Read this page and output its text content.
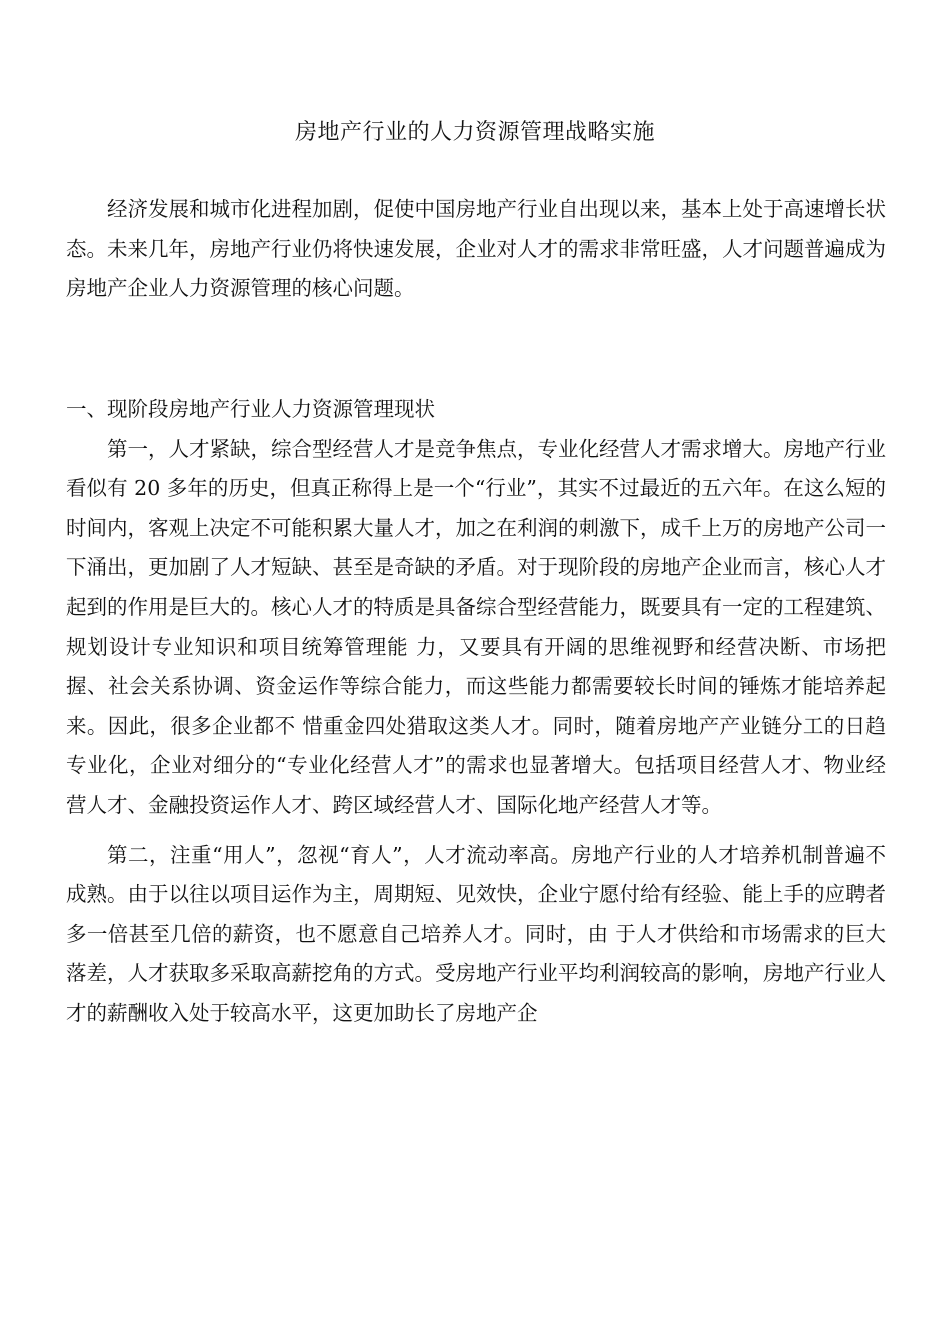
房地产行业的人力资源管理战略实施

经济发展和城市化进程加剧，促使中国房地产行业自出现以来，基本上处于高速增长状态。未来几年，房地产行业仍将快速发展，企业对人才的需求非常旺盛，人才问题普遍成为房地产企业人力资源管理的核心问题。

一、现阶段房地产行业人力资源管理现状

第一，人才紧缺，综合型经营人才是竞争焦点，专业化经营人才需求增大。房地产行业看似有 20 多年的历史，但真正称得上是一个“行业”，其实不过最近的五六年。在这么短的时间内，客观上决定不可能积累大量人才，加之在利润的刺激下，成千上万的房地产公司一下涌出，更加剧了人才短缺、甚至是奇缺的矛盾。对于现阶段的房地产企业而言，核心人才起到的作用是巨大的。核心人才的特质是具备综合型经营能力，既要具有一定的工程建筑、规划设计专业知识和项目统筹管理能 力，又要具有开阔的思维视野和经营决断、市场把握、社会关系协调、资金运作等综合能力，而这些能力都需要较长时间的锤炼才能培养起来。因此，很多企业都不 惜重金四处猎取这类人才。同时，随着房地产产业链分工的日趋专业化，企业对细分的“专业化经营人才”的需求也显著增大。包括项目经营人才、物业经营人才、金融投资运作人才、跨区域经营人才、国际化地产经营人才等。

第二，注重“用人”，忽视“育人”，人才流动率高。房地产行业的人才培养机制普遍不成熟。由于以往以项目运作为主，周期短、见效快，企业宁愿付给有经验、能上手的应聘者多一倍甚至几倍的薪资，也不愿意自己培养人才。同时，由 于人才供给和市场需求的巨大落差，人才获取多采取高薪挖角的方式。受房地产行业平均利润较高的影响，房地产行业人才的薪酬收入处于较高水平，这更加助长了房地产企
